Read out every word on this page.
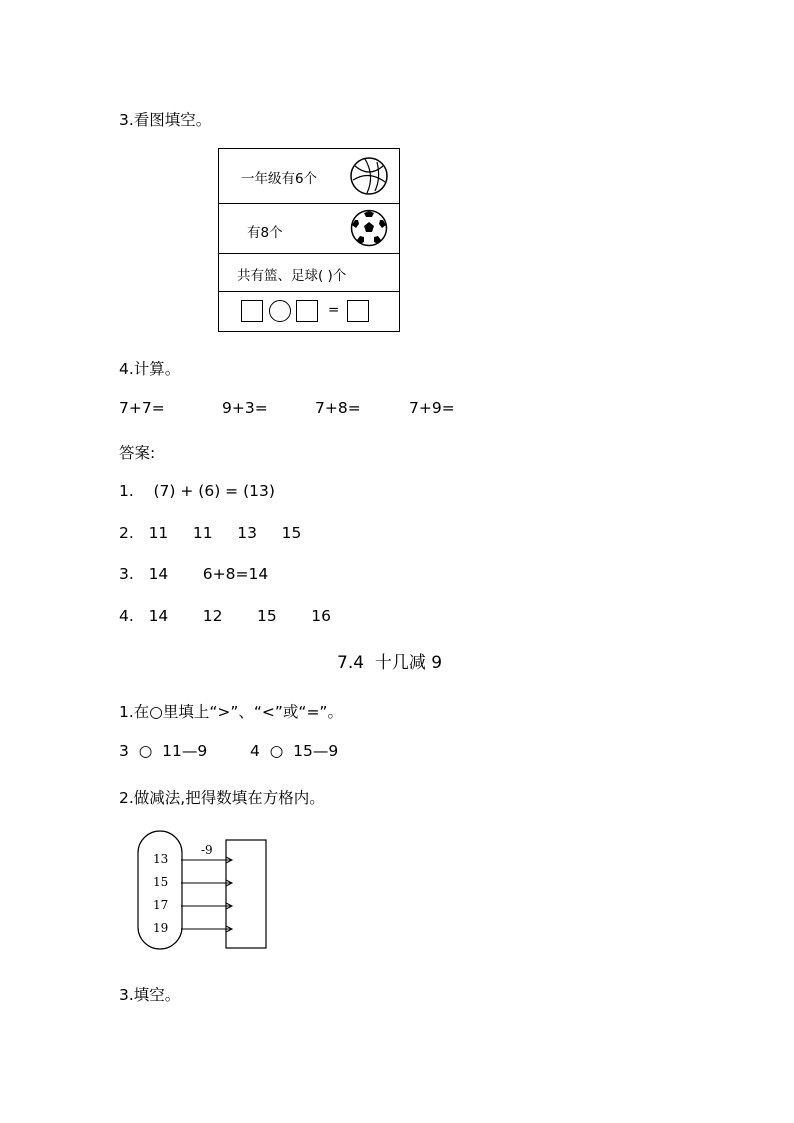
3.看图填空。
一年级有6个
有8个
共有篮、足球( )个
=
4.计算。
7+7=	9+3=	7+8=	7+9=
答案:
1.    (7) + (6) = (13)
2.   11     11     13     15
3.   14       6+8=14
4.   14       12       15       16
7.4  十几减 9
1.在○里填上“>”、“<”或“=”。
3  ○  11—9	4  ○  15—9
2.做减法,把得数填在方格内。
-9
13
15
17
19
3.填空。
